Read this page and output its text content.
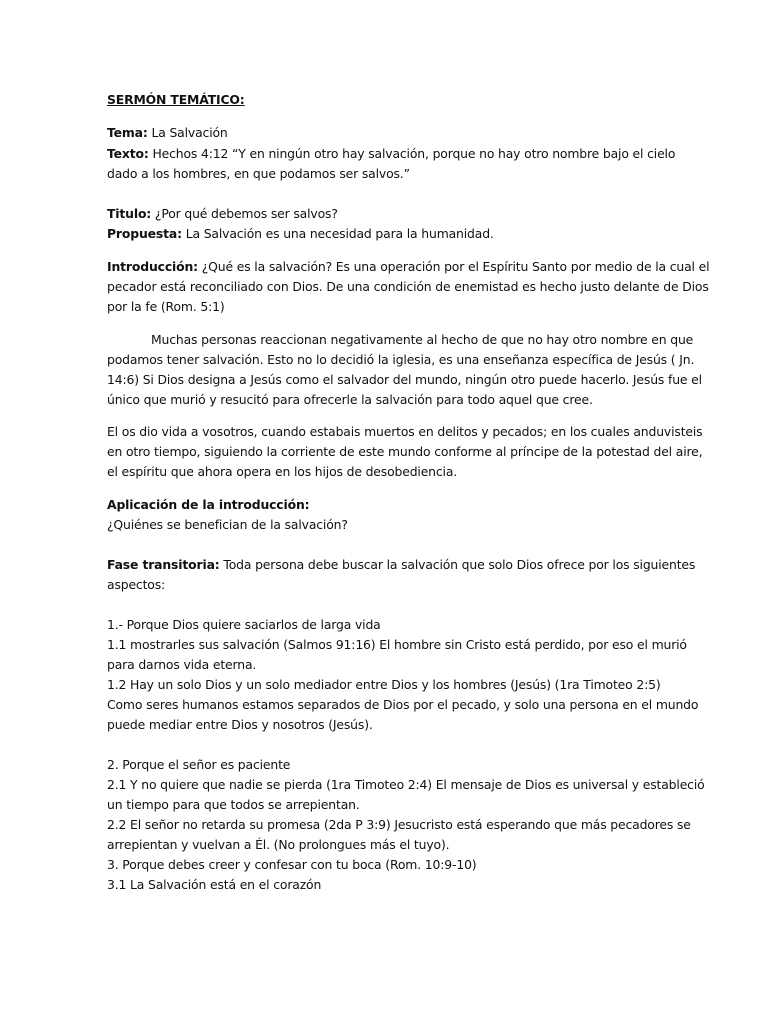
SERMÓN TEMÁTICO:
Tema: La Salvación
Texto: Hechos 4:12 “Y en ningún otro hay salvación, porque no hay otro nombre bajo el cielo
dado a los hombres, en que podamos ser salvos.”
Titulo: ¿Por qué debemos ser salvos?
Propuesta: La Salvación es una necesidad para la humanidad.
Introducción: ¿Qué es la salvación? Es una operación por el Espíritu Santo por medio de la cual el
pecador está reconciliado con Dios. De una condición de enemistad es hecho justo delante de Dios
por la fe (Rom. 5:1)
Muchas personas reaccionan negativamente al hecho de que no hay otro nombre en que
podamos tener salvación. Esto no lo decidió la iglesia, es una enseñanza específica de Jesús ( Jn.
14:6) Si Dios designa a Jesús como el salvador del mundo, ningún otro puede hacerlo. Jesús fue el
único que murió y resucitó para ofrecerle la salvación para todo aquel que cree.
El os dio vida a vosotros, cuando estabais muertos en delitos y pecados; en los cuales anduvisteis
en otro tiempo, siguiendo la corriente de este mundo conforme al príncipe de la potestad del aire,
el espíritu que ahora opera en los hijos de desobediencia.
Aplicación de la introducción:
¿Quiénes se benefician de la salvación?
Fase transitoria: Toda persona debe buscar la salvación que solo Dios ofrece por los siguientes
aspectos:
1.- Porque Dios quiere saciarlos de larga vida
1.1 mostrarles sus salvación (Salmos 91:16) El hombre sin Cristo está perdido, por eso el murió
para darnos vida eterna.
1.2 Hay un solo Dios y un solo mediador entre Dios y los hombres (Jesús) (1ra Timoteo 2:5)
Como seres humanos estamos separados de Dios por el pecado, y solo una persona en el mundo
puede mediar entre Dios y nosotros (Jesús).
2. Porque el señor es paciente
2.1 Y no quiere que nadie se pierda (1ra Timoteo 2:4) El mensaje de Dios es universal y estableció
un tiempo para que todos se arrepientan.
2.2 El señor no retarda su promesa (2da P 3:9) Jesucristo está esperando que más pecadores se
arrepientan y vuelvan a Él. (No prolongues más el tuyo).
3. Porque debes creer y confesar con tu boca (Rom. 10:9-10)
3.1 La Salvación está en el corazón
